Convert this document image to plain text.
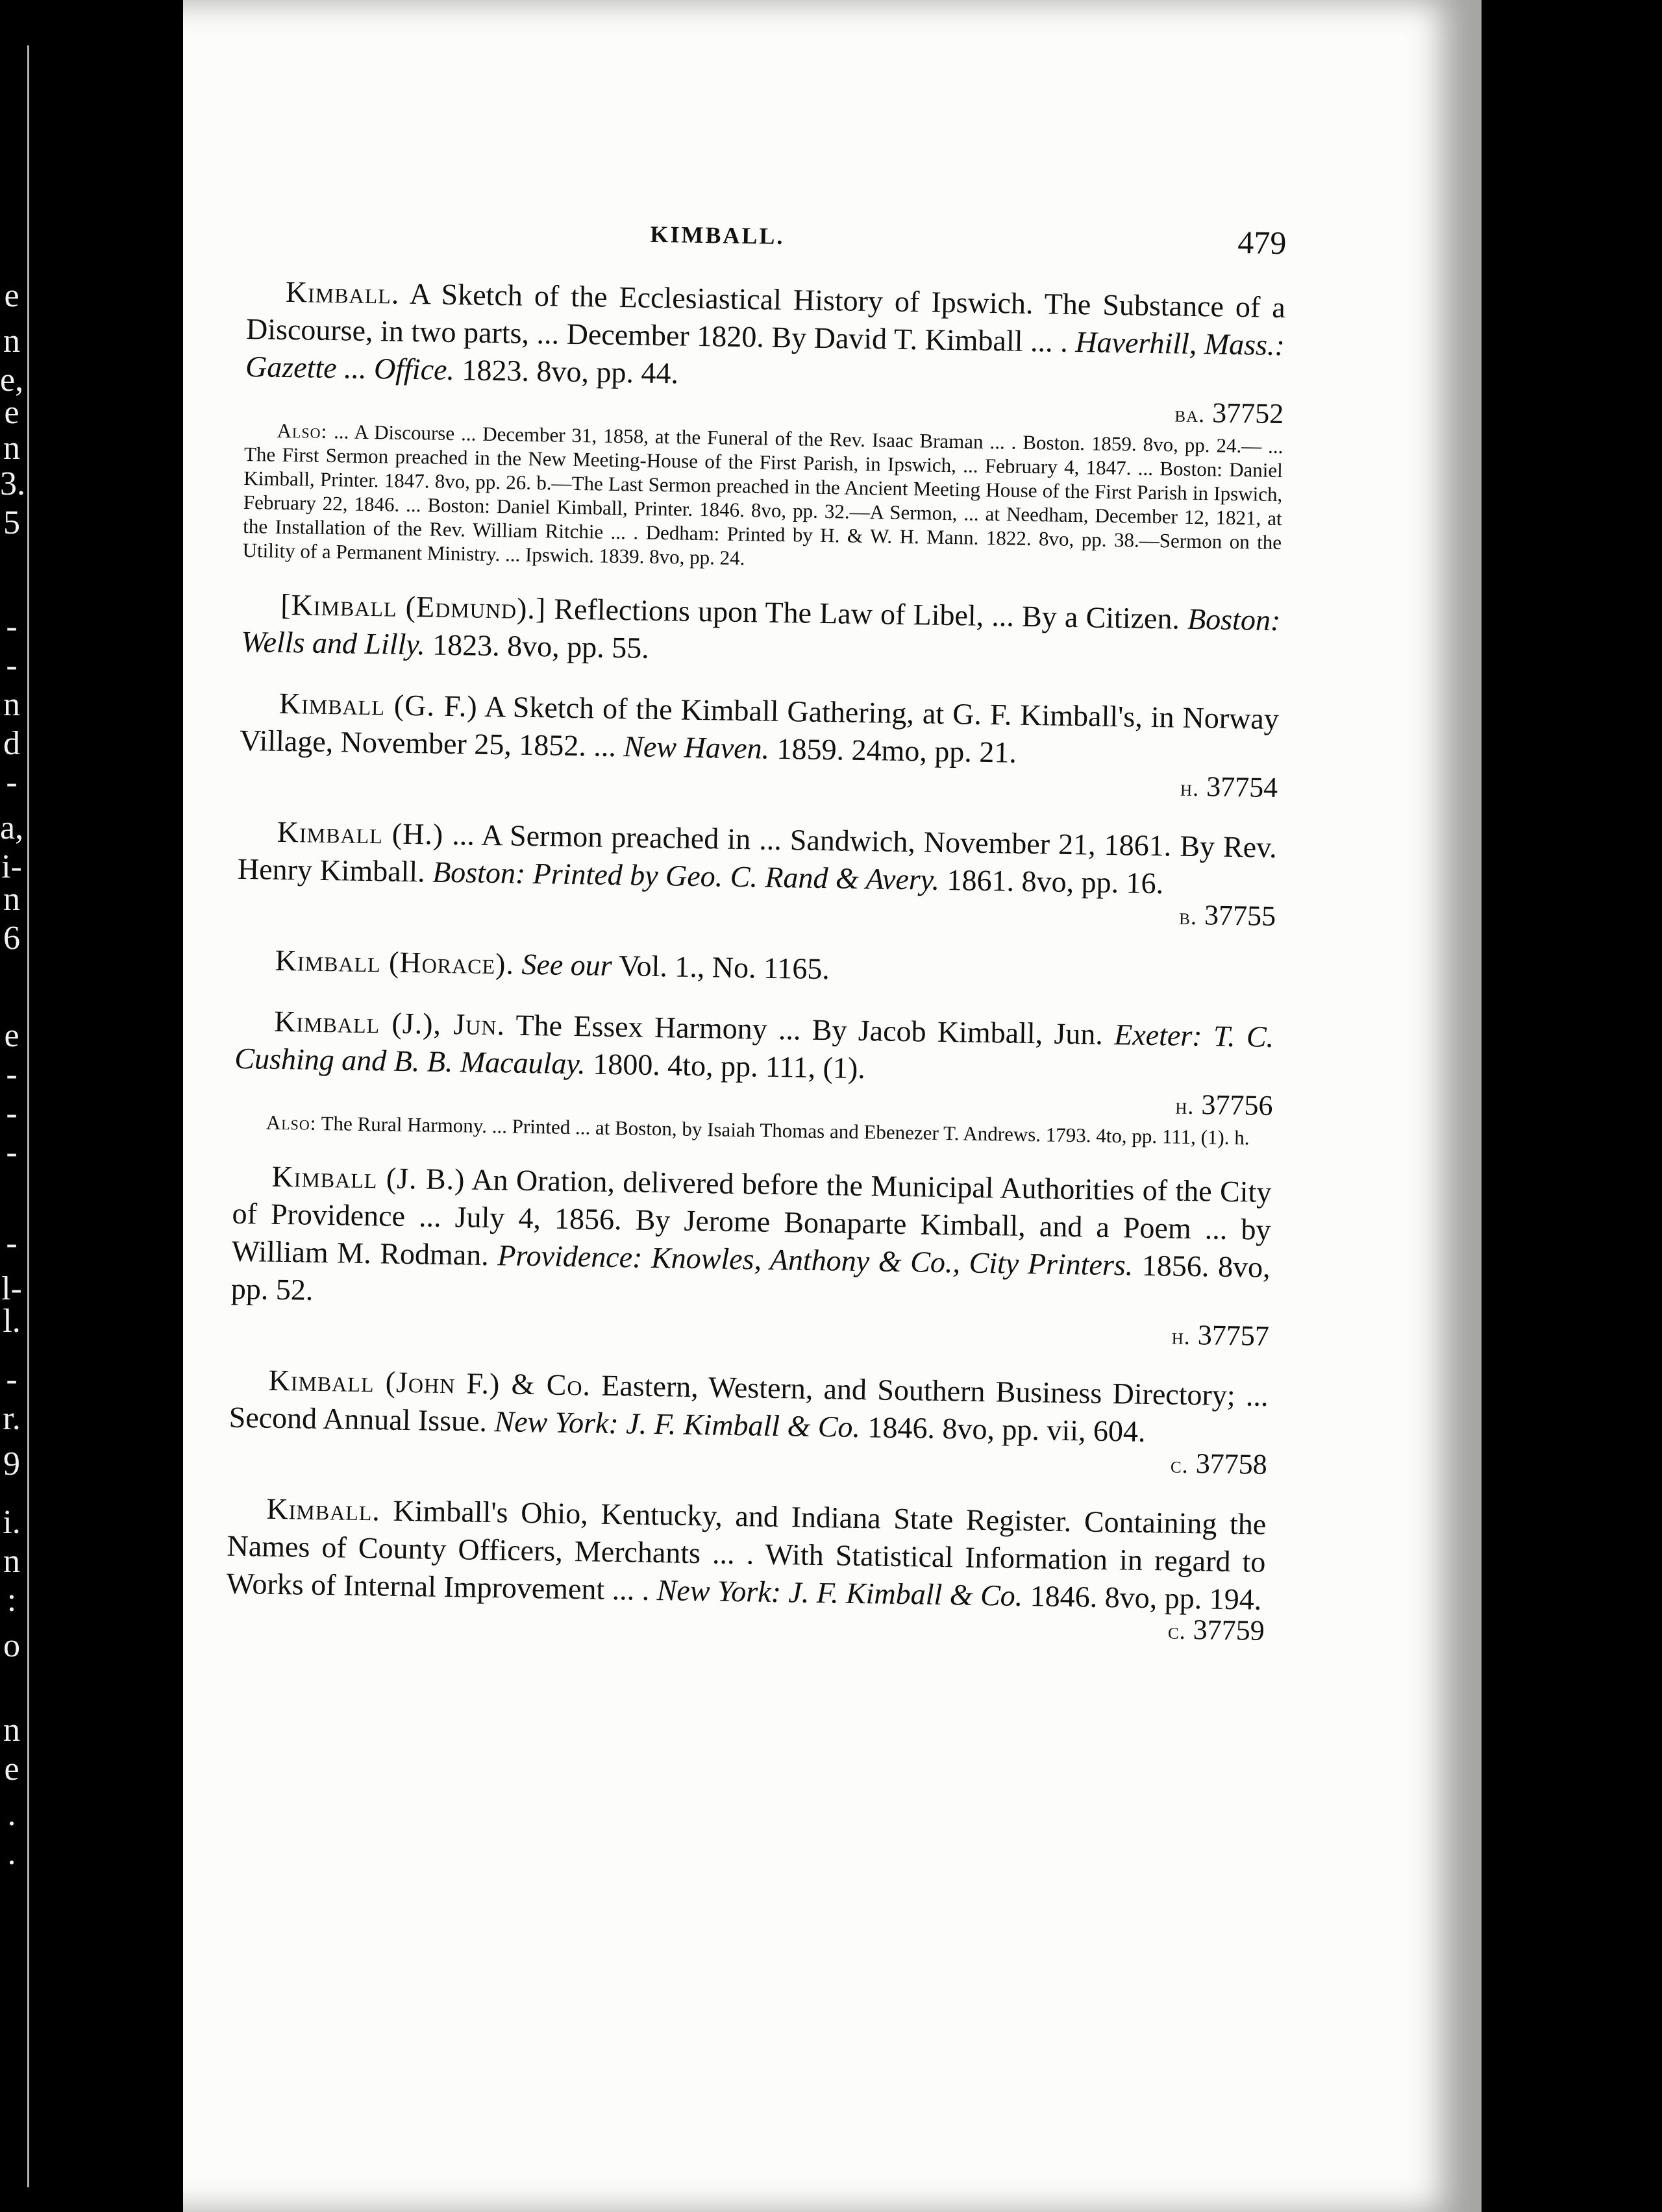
e
n
e,
e
n
3.
5
-
-
n
d
-
a,
i-
n
6
e
-
-
-
-
l-
l.
-
r.
9
i.
n
:
o
n
e
.
.
KIMBALL.	479

Kimball. A Sketch of the Ecclesiastical History of Ipswich. The Substance of a Discourse, in two parts, ... December 1820. By David T. Kimball ... . Haverhill, Mass.: Gazette ... Office. 1823. 8vo, pp. 44.

ba. 37752

Also: ... A Discourse ... December 31, 1858, at the Funeral of the Rev. Isaac Braman ... . Boston. 1859. 8vo, pp. 24.— ... The First Sermon preached in the New Meeting-House of the First Parish, in Ipswich, ... February 4, 1847. ... Boston: Daniel Kimball, Printer. 1847. 8vo, pp. 26. b.—The Last Sermon preached in the Ancient Meeting House of the First Parish in Ipswich, February 22, 1846. ... Boston: Daniel Kimball, Printer. 1846. 8vo, pp. 32.—A Sermon, ... at Needham, December 12, 1821, at the Installation of the Rev. William Ritchie ... . Dedham: Printed by H. & W. H. Mann. 1822. 8vo, pp. 38.—Sermon on the Utility of a Permanent Ministry. ... Ipswich. 1839. 8vo, pp. 24.

[Kimball (Edmund).] Reflections upon The Law of Libel, ... By a Citizen. Boston: Wells and Lilly. 1823. 8vo, pp. 55.

Kimball (G. F.) A Sketch of the Kimball Gathering, at G. F. Kimball's, in Norway Village, November 25, 1852. ... New Haven. 1859. 24mo, pp. 21.

h. 37754

Kimball (H.) ... A Sermon preached in ... Sandwich, November 21, 1861. By Rev. Henry Kimball. Boston: Printed by Geo. C. Rand & Avery. 1861. 8vo, pp. 16.

b. 37755

Kimball (Horace). See our Vol. 1., No. 1165.

Kimball (J.), Jun. The Essex Harmony ... By Jacob Kimball, Jun. Exeter: T. C. Cushing and B. B. Macaulay. 1800. 4to, pp. 111, (1).

h. 37756

Also: The Rural Harmony. ... Printed ... at Boston, by Isaiah Thomas and Ebenezer T. Andrews. 1793. 4to, pp. 111, (1). h.

Kimball (J. B.) An Oration, delivered before the Municipal Authorities of the City of Providence ... July 4, 1856. By Jerome Bonaparte Kimball, and a Poem ... by William M. Rodman. Providence: Knowles, Anthony & Co., City Printers. 1856. 8vo, pp. 52.

h. 37757

Kimball (John F.) & Co. Eastern, Western, and Southern Business Directory; ... Second Annual Issue. New York: J. F. Kimball & Co. 1846. 8vo, pp. vii, 604.

c. 37758

Kimball. Kimball's Ohio, Kentucky, and Indiana State Register. Containing the Names of County Officers, Merchants ... . With Statistical Information in regard to Works of Internal Improvement ... . New York: J. F. Kimball & Co. 1846. 8vo, pp. 194.

c. 37759
